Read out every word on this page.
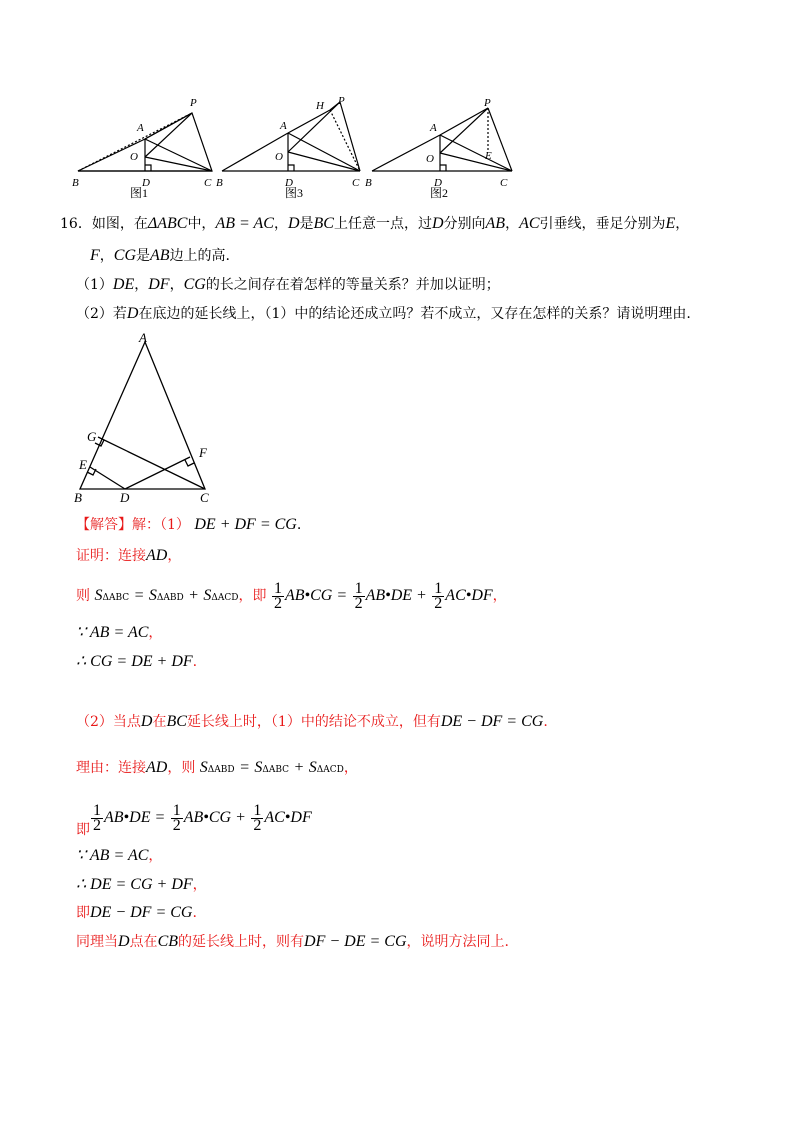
P
A
O
B	D	C
H P
A
O
B	D	C
P
A
O	E
B	D	C
图1	图3	图2
16．如图，在ΔABC中，AB = AC，D是BC上任意一点，过D分别向AB，AC引垂线，垂足分别为E，
F，CG是AB边上的高.
（1）DE，DF，CG的长之间存在着怎样的等量关系？并加以证明；
（2）若D在底边的延长线上，（1）中的结论还成立吗？若不成立，又存在怎样的关系？请说明理由.
A
G
E
F
B	D	C
【解答】解：（1） DE + DF = CG.
证明：连接AD，
则 SΔABC = SΔABD + SΔACD，即 $\frac{1}{2}$ AB•CG = $\frac{1}{2}$ AB•DE + $\frac{1}{2}$ AC•DF，
∵ AB = AC，
∴ CG = DE + DF.
（2）当点D在BC延长线上时，（1）中的结论不成立，但有DE − DF = CG.
理由：连接AD，则 SΔABD = SΔABC + SΔACD，
即 $\frac{1}{2}$ AB•DE = $\frac{1}{2}$ AB•CG + $\frac{1}{2}$ AC•DF
∵ AB = AC，
∴ DE = CG + DF，
即DE − DF = CG.
同理当D点在CB的延长线上时，则有DF − DE = CG，说明方法同上.
